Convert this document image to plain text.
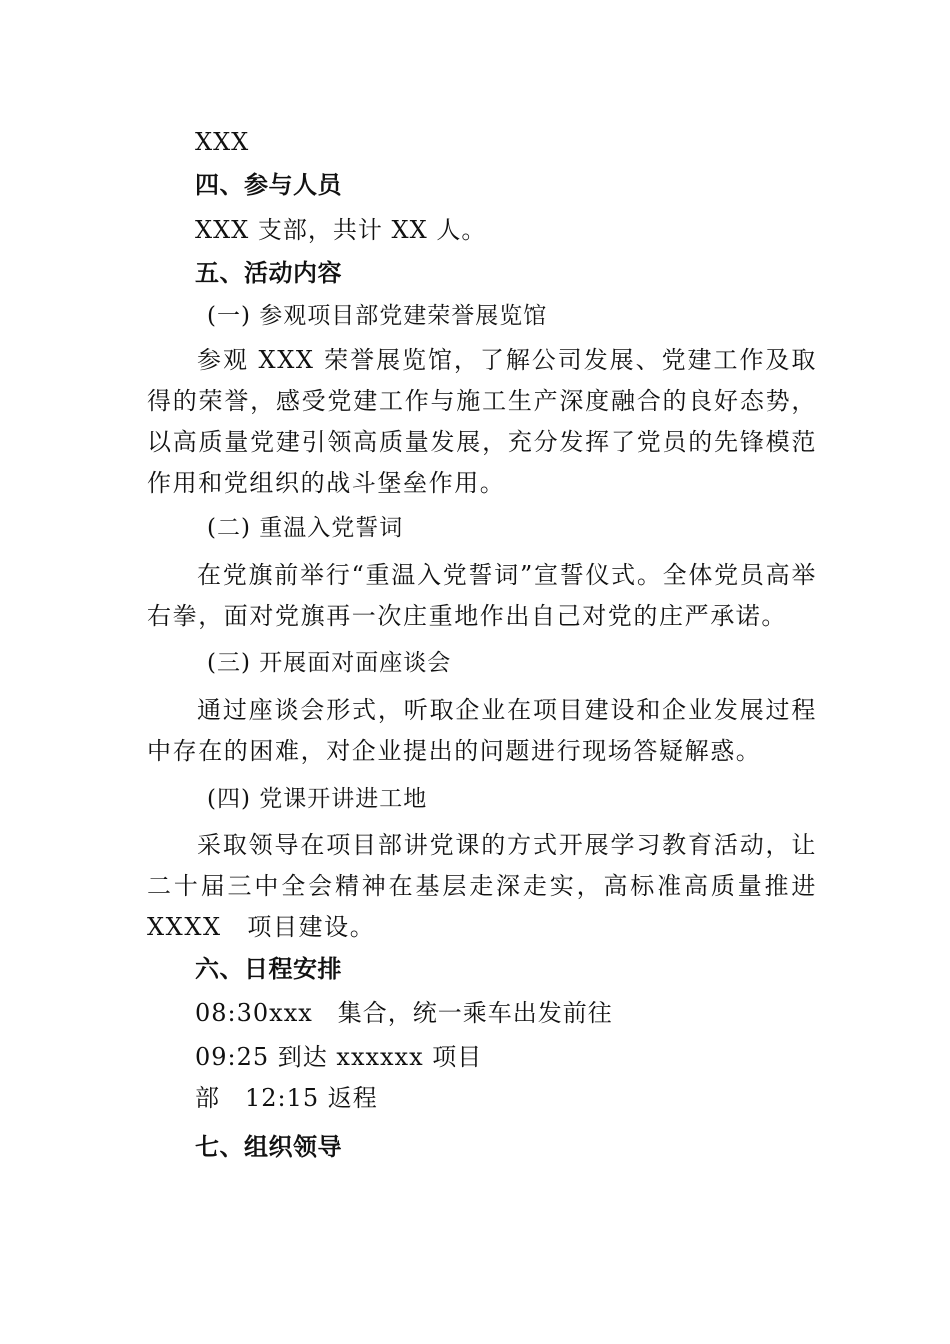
XXX
四、参与人员
XXX 支部，共计 XX 人。
五、活动内容
(一) 参观项目部党建荣誉展览馆

参观 XXX 荣誉展览馆，了解公司发展、党建工作及取得的荣誉，感受党建工作与施工生产深度融合的良好态势，以高质量党建引领高质量发展，充分发挥了党员的先锋模范作用和党组织的战斗堡垒作用。

(二) 重温入党誓词

在党旗前举行“重温入党誓词”宣誓仪式。全体党员高举右拳，面对党旗再一次庄重地作出自己对党的庄严承诺。

(三) 开展面对面座谈会

通过座谈会形式，听取企业在项目建设和企业发展过程中存在的困难，对企业提出的问题进行现场答疑解惑。

(四) 党课开讲进工地

采取领导在项目部讲党课的方式开展学习教育活动，让二十届三中全会精神在基层走深走实，高标准高质量推进 XXXX　项目建设。

六、日程安排
08:30xxx　集合，统一乘车出发前往
09:25 到达 xxxxxx 项目
部　12:15 返程
七、组织领导
